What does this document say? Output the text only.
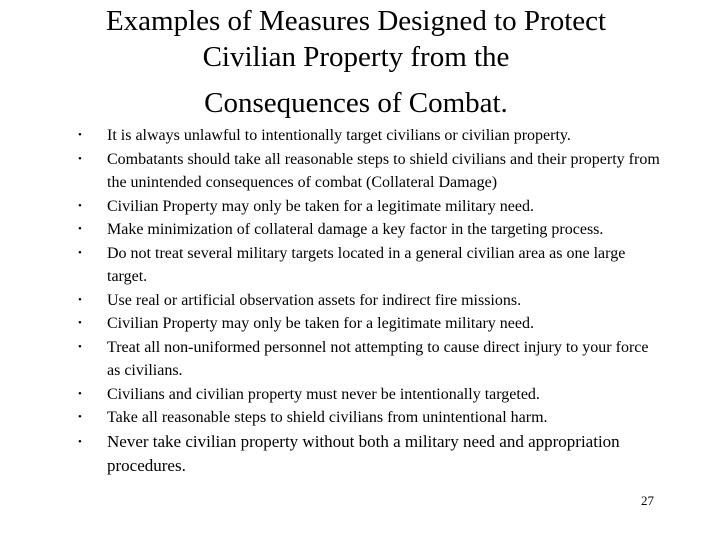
Examples of Measures Designed to Protect
Civilian Property from the
Consequences of Combat.
• It is always unlawful to intentionally target civilians or civilian property.
• Combatants should take all reasonable steps to shield civilians and their property from the unintended consequences of combat (Collateral Damage)
• Civilian Property may only be taken for a legitimate military need.
• Make minimization of collateral damage a key factor in the targeting process.
• Do not treat several military targets located in a general civilian area as one large target.
• Use real or artificial observation assets for indirect fire missions.
• Civilian Property may only be taken for a legitimate military need.
• Treat all non-uniformed personnel not attempting to cause direct injury to your force as civilians.
• Civilians and civilian property must never be intentionally targeted.
• Take all reasonable steps to shield civilians from unintentional harm.
• Never take civilian property without both a military need and appropriation procedures.
27
